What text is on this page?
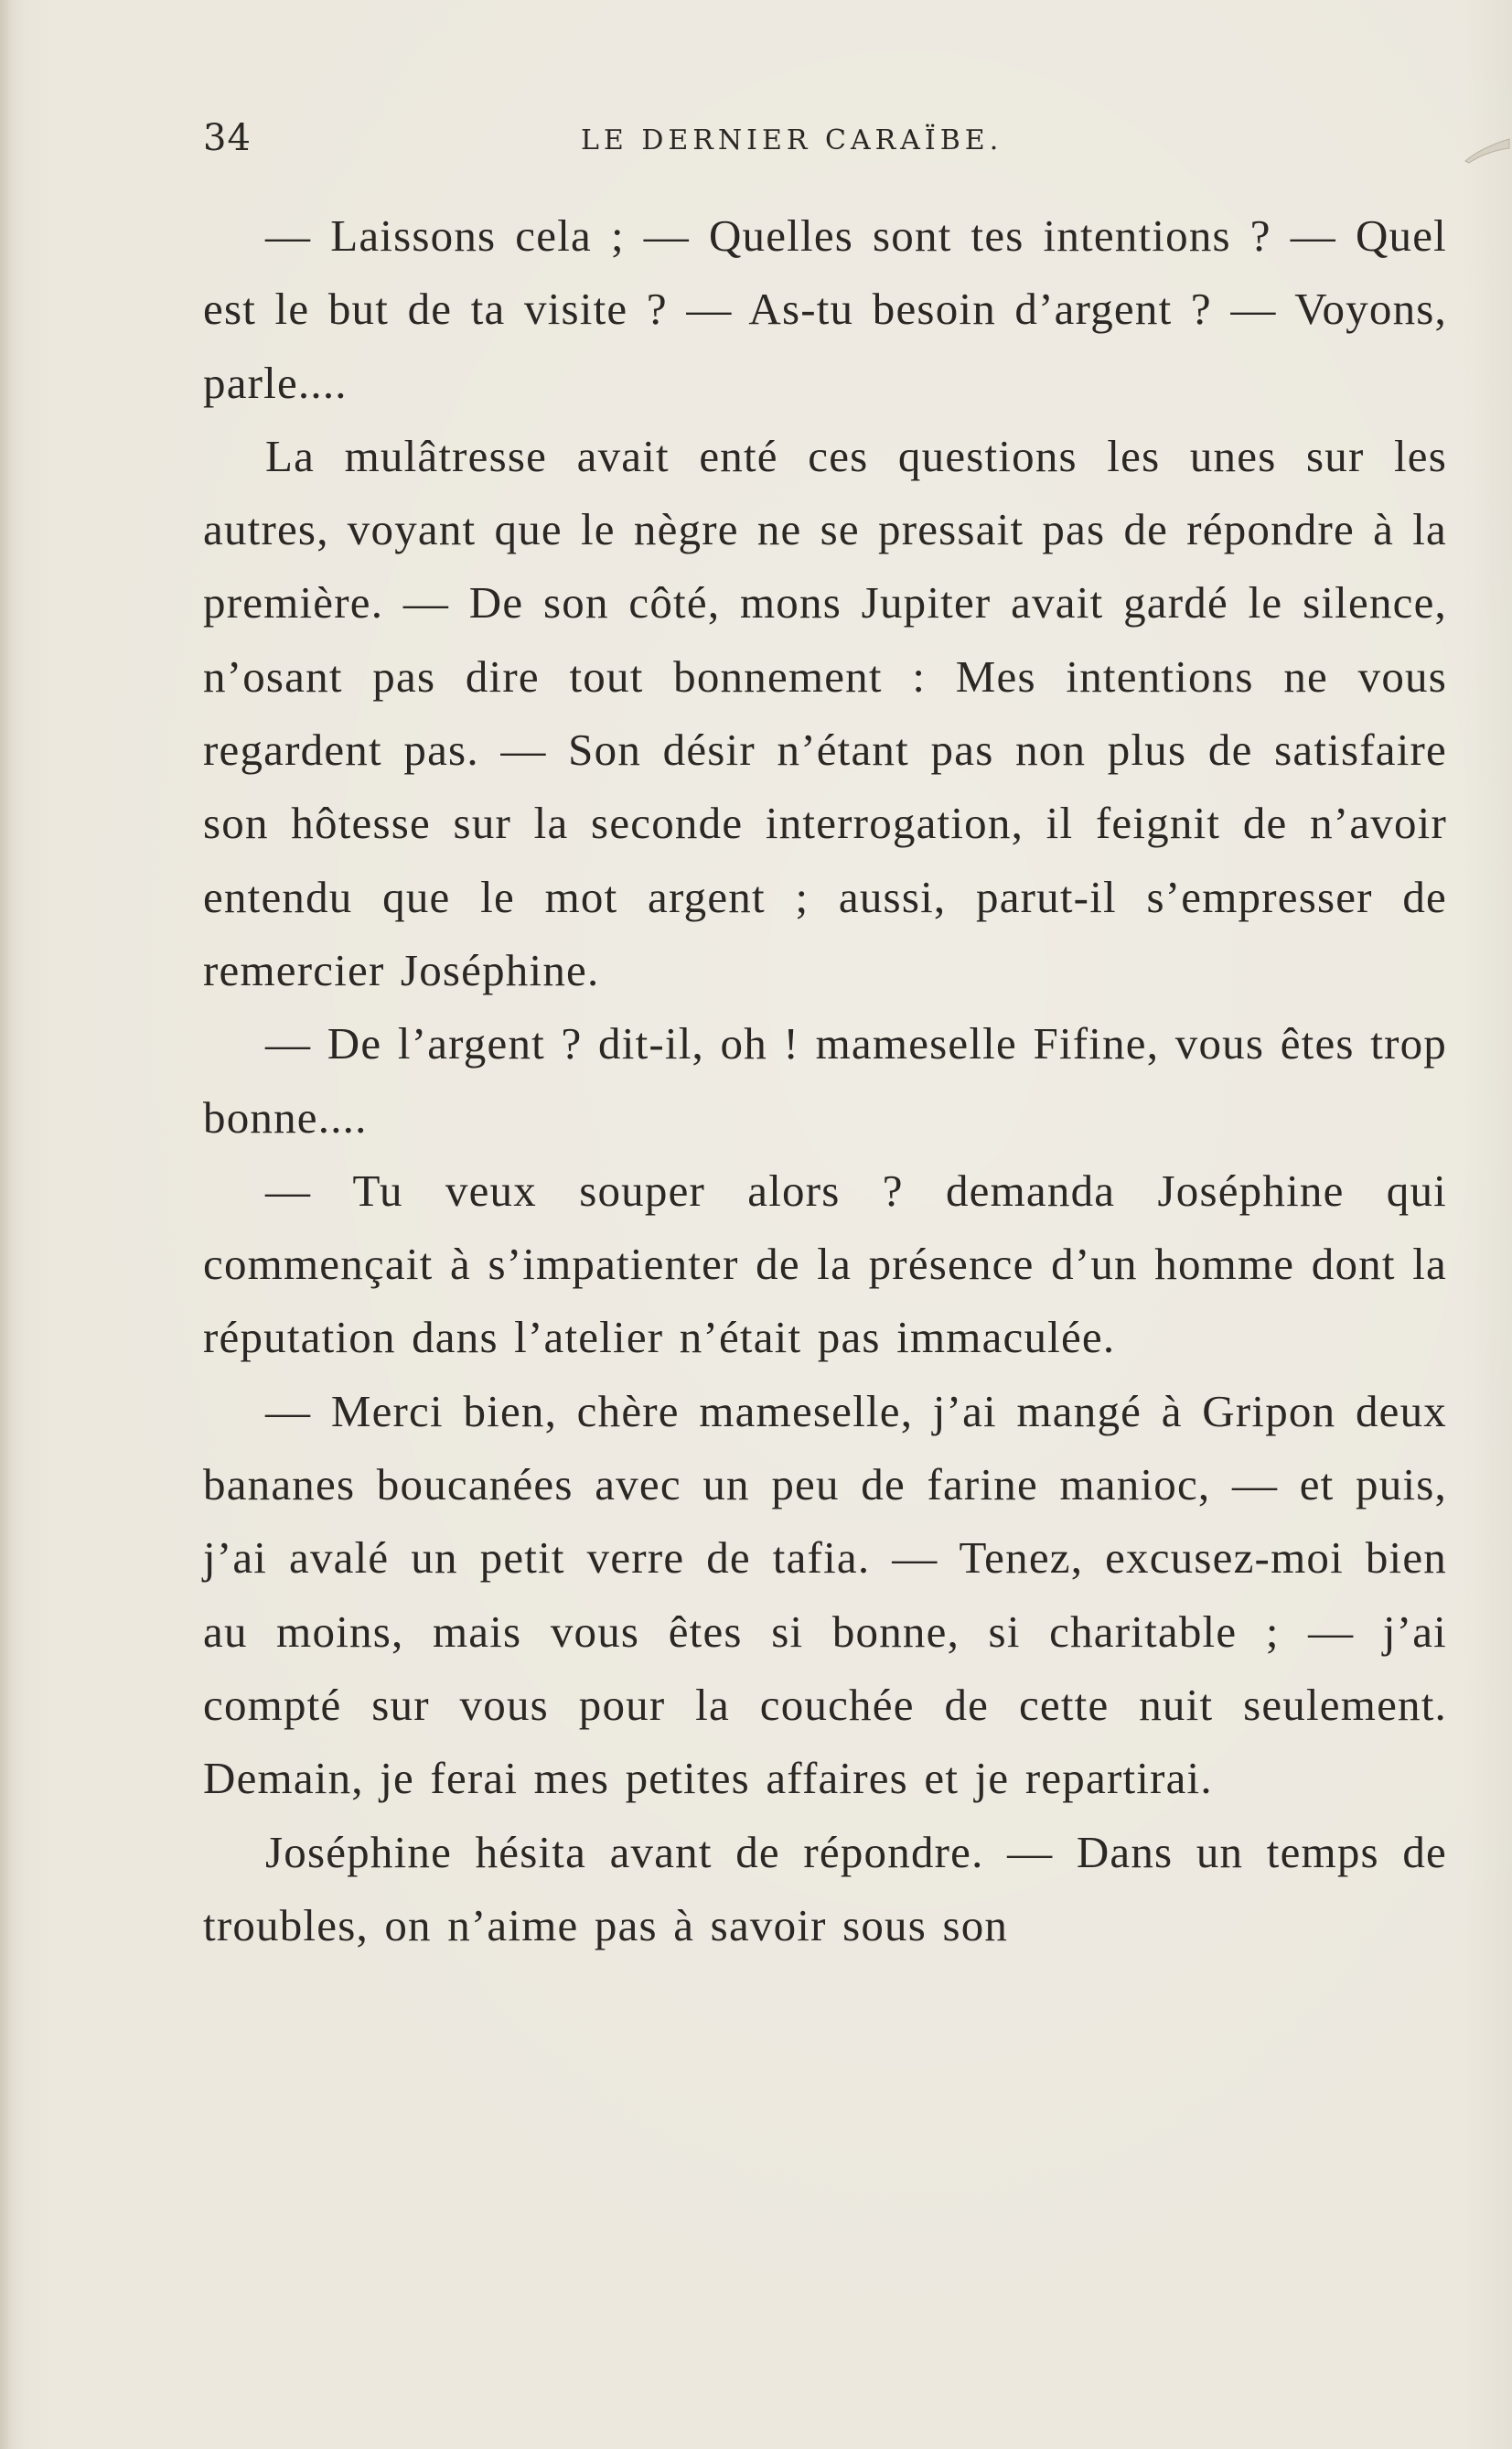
34	LE DERNIER CARAÏBE.

— Laissons cela ; — Quelles sont tes intentions ? — Quel est le but de ta visite ? — As-tu besoin d’argent ? — Voyons, parle....

La mulâtresse avait enté ces questions les unes sur les autres, voyant que le nègre ne se pressait pas de répondre à la première. — De son côté, mons Jupiter avait gardé le silence, n’osant pas dire tout bonnement : Mes intentions ne vous regardent pas. — Son désir n’étant pas non plus de satisfaire son hôtesse sur la seconde interrogation, il feignit de n’avoir entendu que le mot argent ; aussi, parut-il s’empresser de remercier Joséphine.

— De l’argent ? dit-il, oh ! mameselle Fifine, vous êtes trop bonne....

— Tu veux souper alors ? demanda Joséphine qui commençait à s’impatienter de la présence d’un homme dont la réputation dans l’atelier n’était pas immaculée.

— Merci bien, chère mameselle, j’ai mangé à Gripon deux bananes boucanées avec un peu de farine manioc, — et puis, j’ai avalé un petit verre de tafia. — Tenez, excusez-moi bien au moins, mais vous êtes si bonne, si charitable ; — j’ai compté sur vous pour la couchée de cette nuit seulement. Demain, je ferai mes petites affaires et je repartirai.

Joséphine hésita avant de répondre. — Dans un temps de troubles, on n’aime pas à savoir sous son
